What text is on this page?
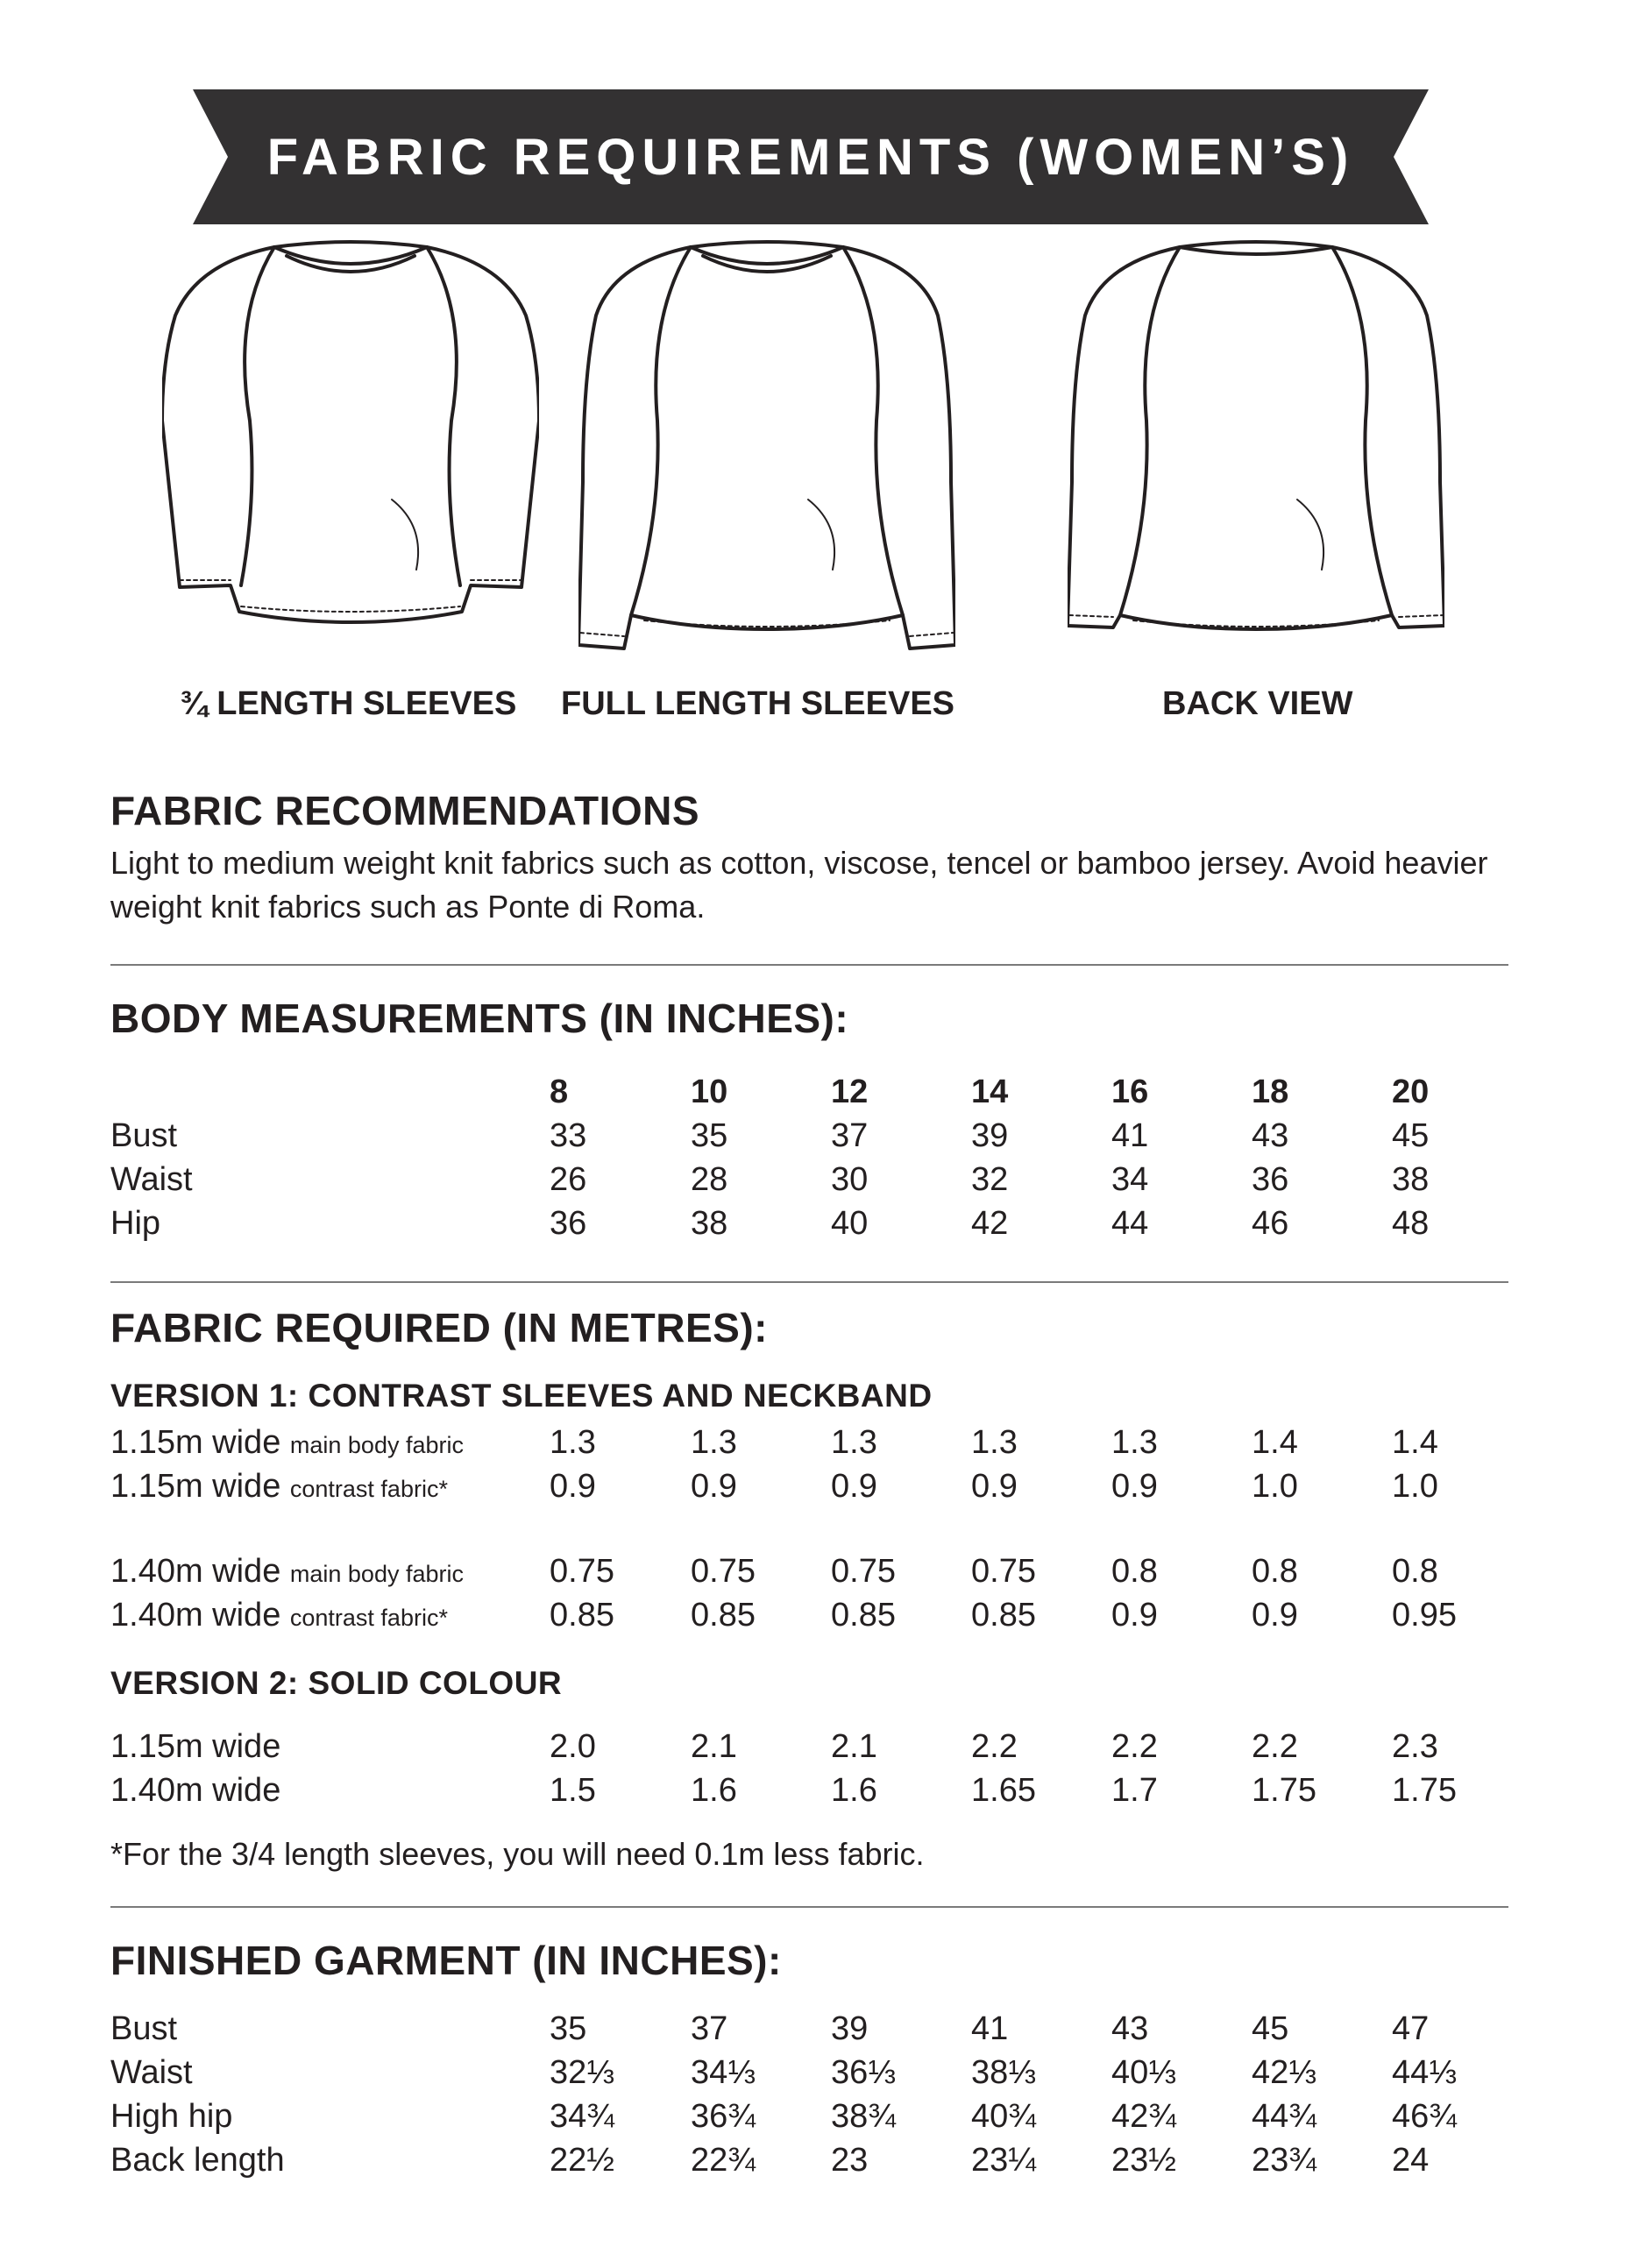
FABRIC REQUIREMENTS (WOMEN’S)
¾ LENGTH SLEEVES FULL LENGTH SLEEVES	BACK VIEW
FABRIC RECOMMENDATIONS
Light to medium weight knit fabrics such as cotton, viscose, tencel or bamboo jersey. Avoid heavier
weight knit fabrics such as Ponte di Roma.
BODY MEASUREMENTS (IN INCHES):
8	10	12	14	16	18	20
Bust	33	35	37	39	41	43	45
Waist	26	28	30	32	34	36	38
Hip	36	38	40	42	44	46	48
FABRIC REQUIRED (IN METRES):
VERSION 1: CONTRAST SLEEVES AND NECKBAND
1.15m wide main body fabric	1.3	1.3	1.3	1.3	1.3	1.4	1.4
1.15m wide contrast fabric*	0.9	0.9	0.9	0.9	0.9	1.0	1.0
1.40m wide main body fabric	0.75 0.75 0.75 0.75 0.8	0.8	0.8
1.40m wide contrast fabric*	0.85 0.85 0.85 0.85 0.9	0.9	0.95
VERSION 2: SOLID COLOUR
1.15m wide	2.0	2.1	2.1	2.2	2.2	2.2	2.3
1.40m wide	1.5	1.6	1.6	1.65 1.7	1.75 1.75
*For the 3/4 length sleeves, you will need 0.1m less fabric.
FINISHED GARMENT (IN INCHES):
Bust	35	37	39	41	43	45	47
Waist	32⅓ 34⅓ 36⅓ 38⅓ 40⅓ 42⅓ 44⅓
High hip	34¾ 36¾ 38¾ 40¾ 42¾ 44¾ 46¾
Back length	22½ 22¾ 23	23¼ 23½ 23¾ 24
